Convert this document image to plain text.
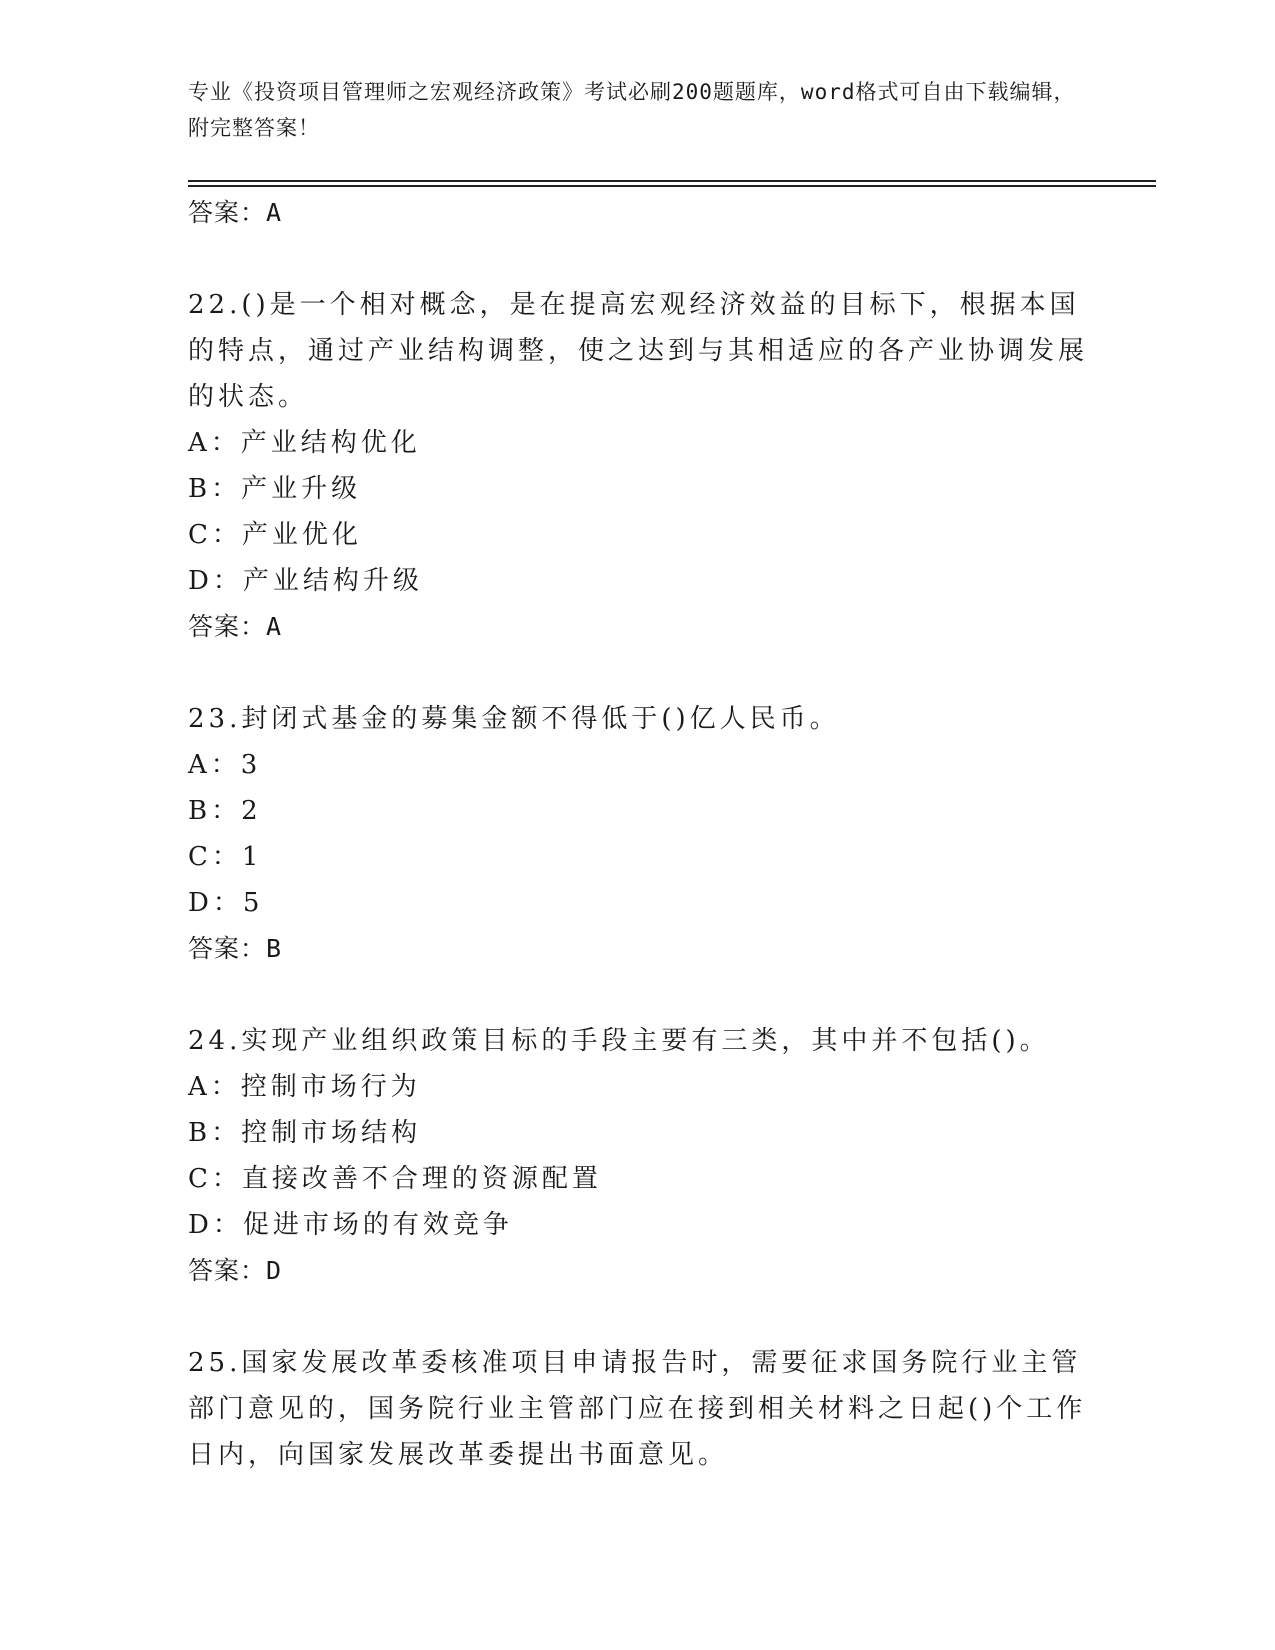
专业《投资项目管理师之宏观经济政策》考试必刷200题题库，word格式可自由下载编辑，附完整答案！
答案：A
22.()是一个相对概念，是在提高宏观经济效益的目标下，根据本国的特点，通过产业结构调整，使之达到与其相适应的各产业协调发展的状态。
A：产业结构优化
B：产业升级
C：产业优化
D：产业结构升级
答案：A
23.封闭式基金的募集金额不得低于()亿人民币。
A：3
B：2
C：1
D：5
答案：B
24.实现产业组织政策目标的手段主要有三类，其中并不包括()。
A：控制市场行为
B：控制市场结构
C：直接改善不合理的资源配置
D：促进市场的有效竞争
答案：D
25.国家发展改革委核准项目申请报告时，需要征求国务院行业主管部门意见的，国务院行业主管部门应在接到相关材料之日起()个工作日内，向国家发展改革委提出书面意见。
